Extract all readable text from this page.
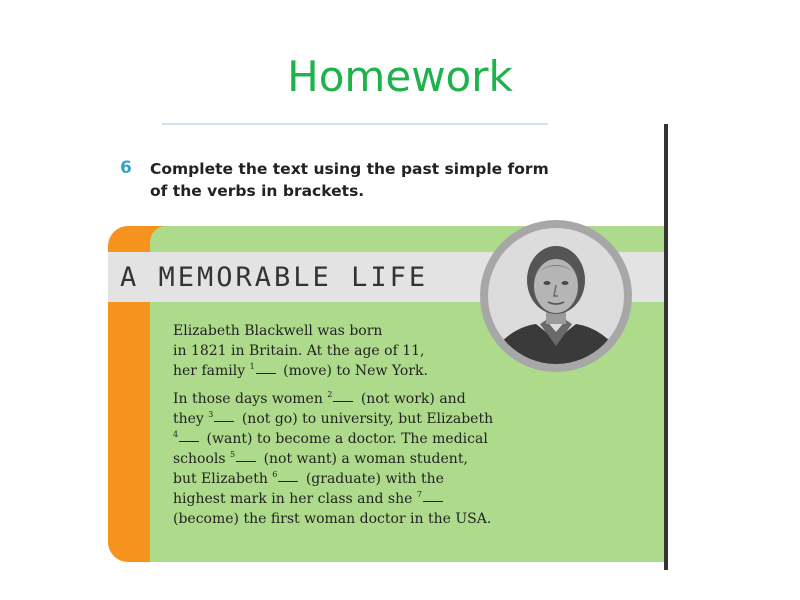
Homework
6 Complete the text using the past simple form of the verbs in brackets.

A MEMORABLE LIFE

Elizabeth Blackwell was born
in 1821 in Britain. At the age of 11,
her family $^1$ (move) to New York.

In those days women $^2$ (not work) and
they $^3$ (not go) to university, but Elizabeth
$^4$ (want) to become a doctor. The medical
schools $^5$ (not want) a woman student,
but Elizabeth $^6$ (graduate) with the
highest mark in her class and she $^7$
(become) the first woman doctor in the USA.
